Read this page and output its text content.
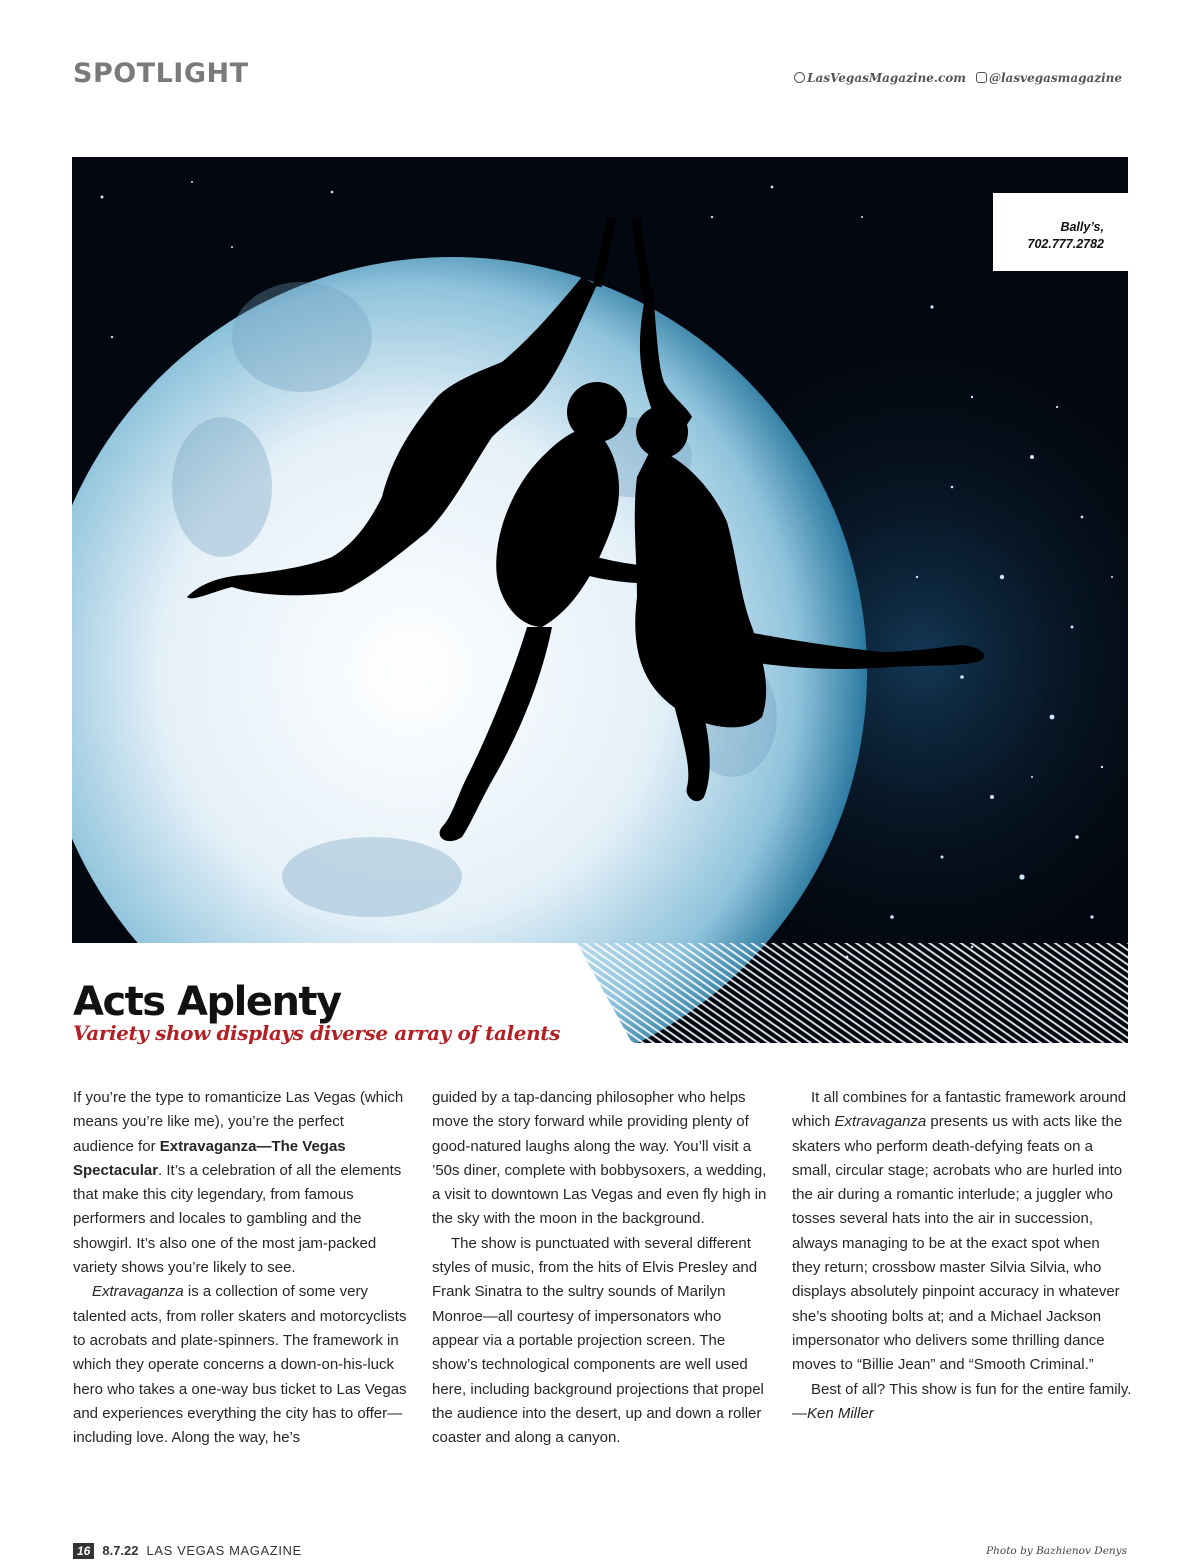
SPOTLIGHT	LasVegasMagazine.com @lasvegasmagazine
Bally’s,
702.777.2782
Acts Aplenty
Variety show displays diverse array of talents

If you’re the type to romanticize Las Vegas (which means you’re like me), you’re the perfect audience for Extravaganza—The Vegas Spectacular. It’s a celebration of all the elements that make this city legendary, from famous performers and locales to gambling and the showgirl. It’s also one of the most jam-packed variety shows you’re likely to see.

Extravaganza is a collection of some very talented acts, from roller skaters and motorcyclists to acrobats and plate-spinners. The framework in which they operate concerns a down-on-his-luck hero who takes a one-way bus ticket to Las Vegas and experiences everything the city has to offer—including love. Along the way, he’s

guided by a tap-dancing philosopher who helps move the story forward while providing plenty of good-natured laughs along the way. You’ll visit a ’50s diner, complete with bobbysoxers, a wedding, a visit to downtown Las Vegas and even fly high in the sky with the moon in the background.

The show is punctuated with several different styles of music, from the hits of Elvis Presley and Frank Sinatra to the sultry sounds of Marilyn Monroe—all courtesy of impersonators who appear via a portable projection screen. The show’s technological components are well used here, including background projections that propel the audience into the desert, up and down a roller coaster and along a canyon.

It all combines for a fantastic framework around which Extravaganza presents us with acts like the skaters who perform death-defying feats on a small, circular stage; acrobats who are hurled into the air during a romantic interlude; a juggler who tosses several hats into the air in succession, always managing to be at the exact spot when they return; crossbow master Silvia Silvia, who displays absolutely pinpoint accuracy in whatever she’s shooting bolts at; and a Michael Jackson impersonator who delivers some thrilling dance moves to “Billie Jean” and “Smooth Criminal.”

Best of all? This show is fun for the entire family. —Ken Miller

16 8.7.22 LAS VEGAS MAGAZINE	Photo by Bazhienov Denys
